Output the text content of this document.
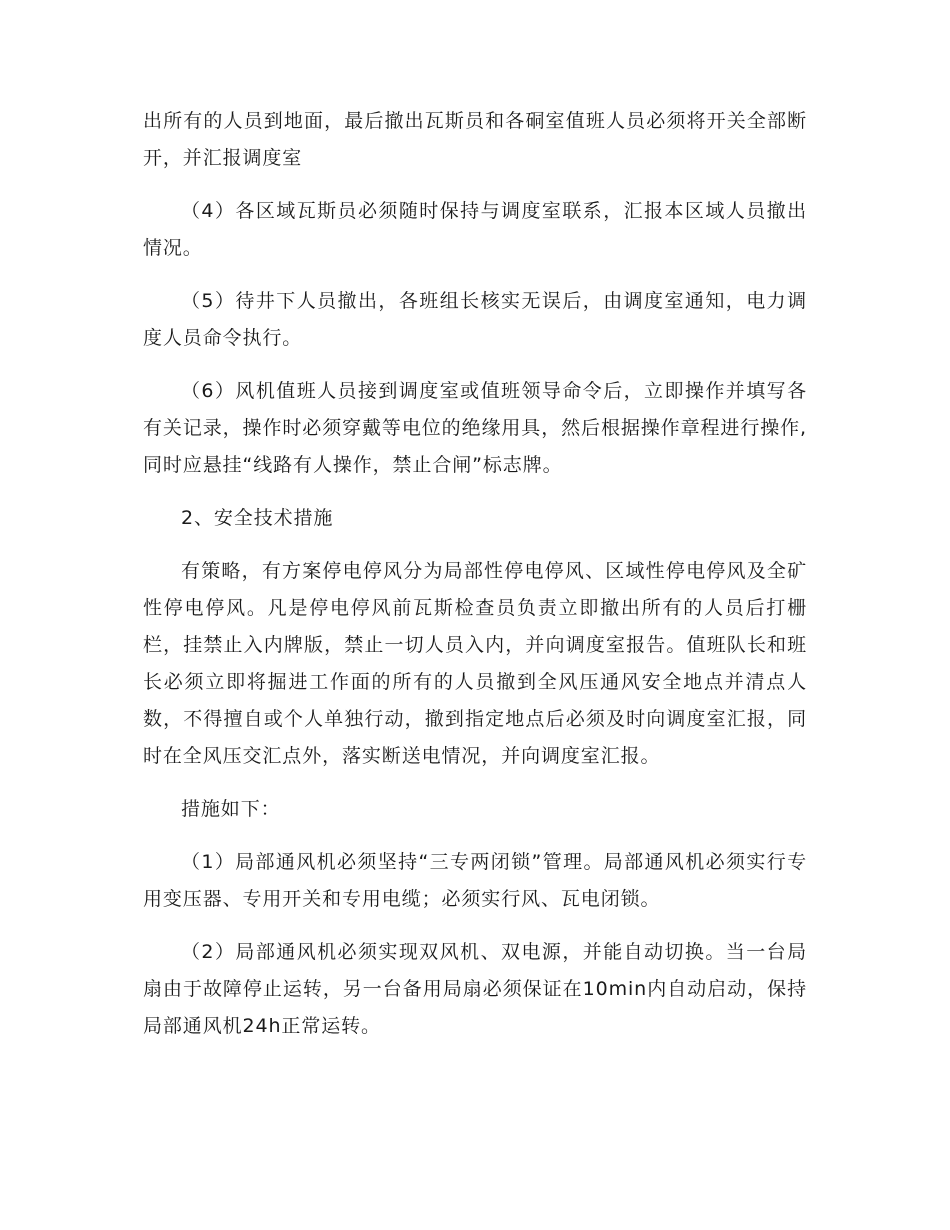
出所有的人员到地面，最后撤出瓦斯员和各硐室值班人员必须将开关全部断开，并汇报调度室

（4）各区域瓦斯员必须随时保持与调度室联系，汇报本区域人员撤出情况。

（5）待井下人员撤出，各班组长核实无误后，由调度室通知，电力调度人员命令执行。

（6）风机值班人员接到调度室或值班领导命令后，立即操作并填写各有关记录，操作时必须穿戴等电位的绝缘用具，然后根据操作章程进行操作,同时应悬挂“线路有人操作，禁止合闸”标志牌。

2、安全技术措施

有策略，有方案停电停风分为局部性停电停风、区域性停电停风及全矿性停电停风。凡是停电停风前瓦斯检查员负责立即撤出所有的人员后打栅栏，挂禁止入内牌版，禁止一切人员入内，并向调度室报告。值班队长和班长必须立即将掘进工作面的所有的人员撤到全风压通风安全地点并清点人数，不得擅自或个人单独行动，撤到指定地点后必须及时向调度室汇报，同时在全风压交汇点外，落实断送电情况，并向调度室汇报。

措施如下：

（1）局部通风机必须坚持“三专两闭锁”管理。局部通风机必须实行专用变压器、专用开关和专用电缆；必须实行风、瓦电闭锁。

（2）局部通风机必须实现双风机、双电源，并能自动切换。当一台局扇由于故障停止运转，另一台备用局扇必须保证在10min内自动启动，保持局部通风机24h正常运转。
